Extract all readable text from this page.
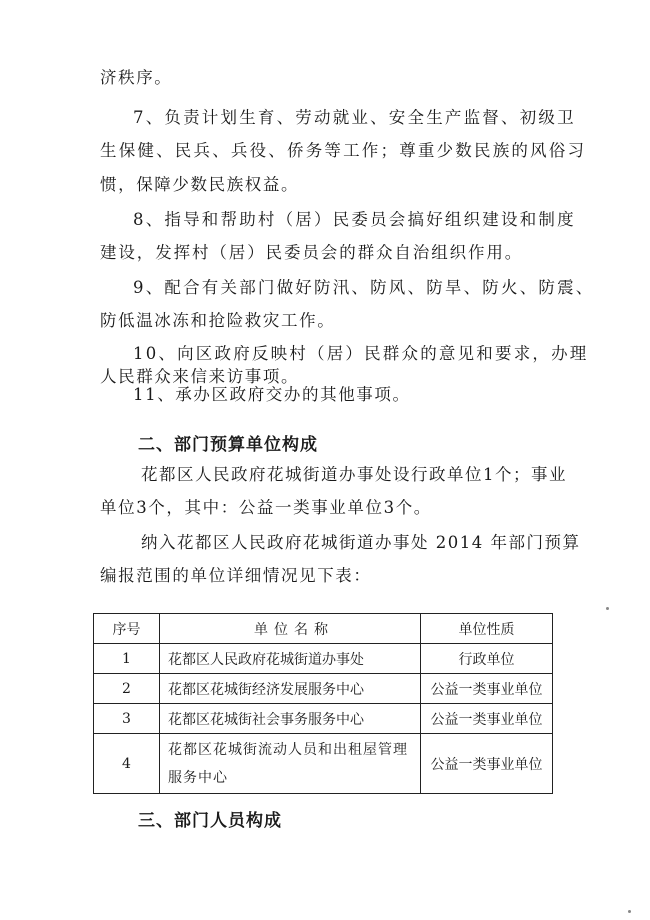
济秩序。
7、负责计划生育、劳动就业、安全生产监督、初级卫
生保健、民兵、兵役、侨务等工作；尊重少数民族的风俗习
惯，保障少数民族权益。
8、指导和帮助村（居）民委员会搞好组织建设和制度
建设，发挥村（居）民委员会的群众自治组织作用。
9、配合有关部门做好防汛、防风、防旱、防火、防震、
防低温冰冻和抢险救灾工作。
10、向区政府反映村（居）民群众的意见和要求，办理
人民群众来信来访事项。
11、承办区政府交办的其他事项。
二、部门预算单位构成
花都区人民政府花城街道办事处设行政单位1个；事业
单位3个，其中：公益一类事业单位3个。
纳入花都区人民政府花城街道办事处 2014 年部门预算
编报范围的单位详细情况见下表：
序号	单位名称	单位性质
1	花都区人民政府花城街道办事处	行政单位
2	花都区花城街经济发展服务中心	公益一类事业单位
3	花都区花城街社会事务服务中心	公益一类事业单位
4	花都区花城街流动人员和出租屋管理服务中心	公益一类事业单位
三、部门人员构成
